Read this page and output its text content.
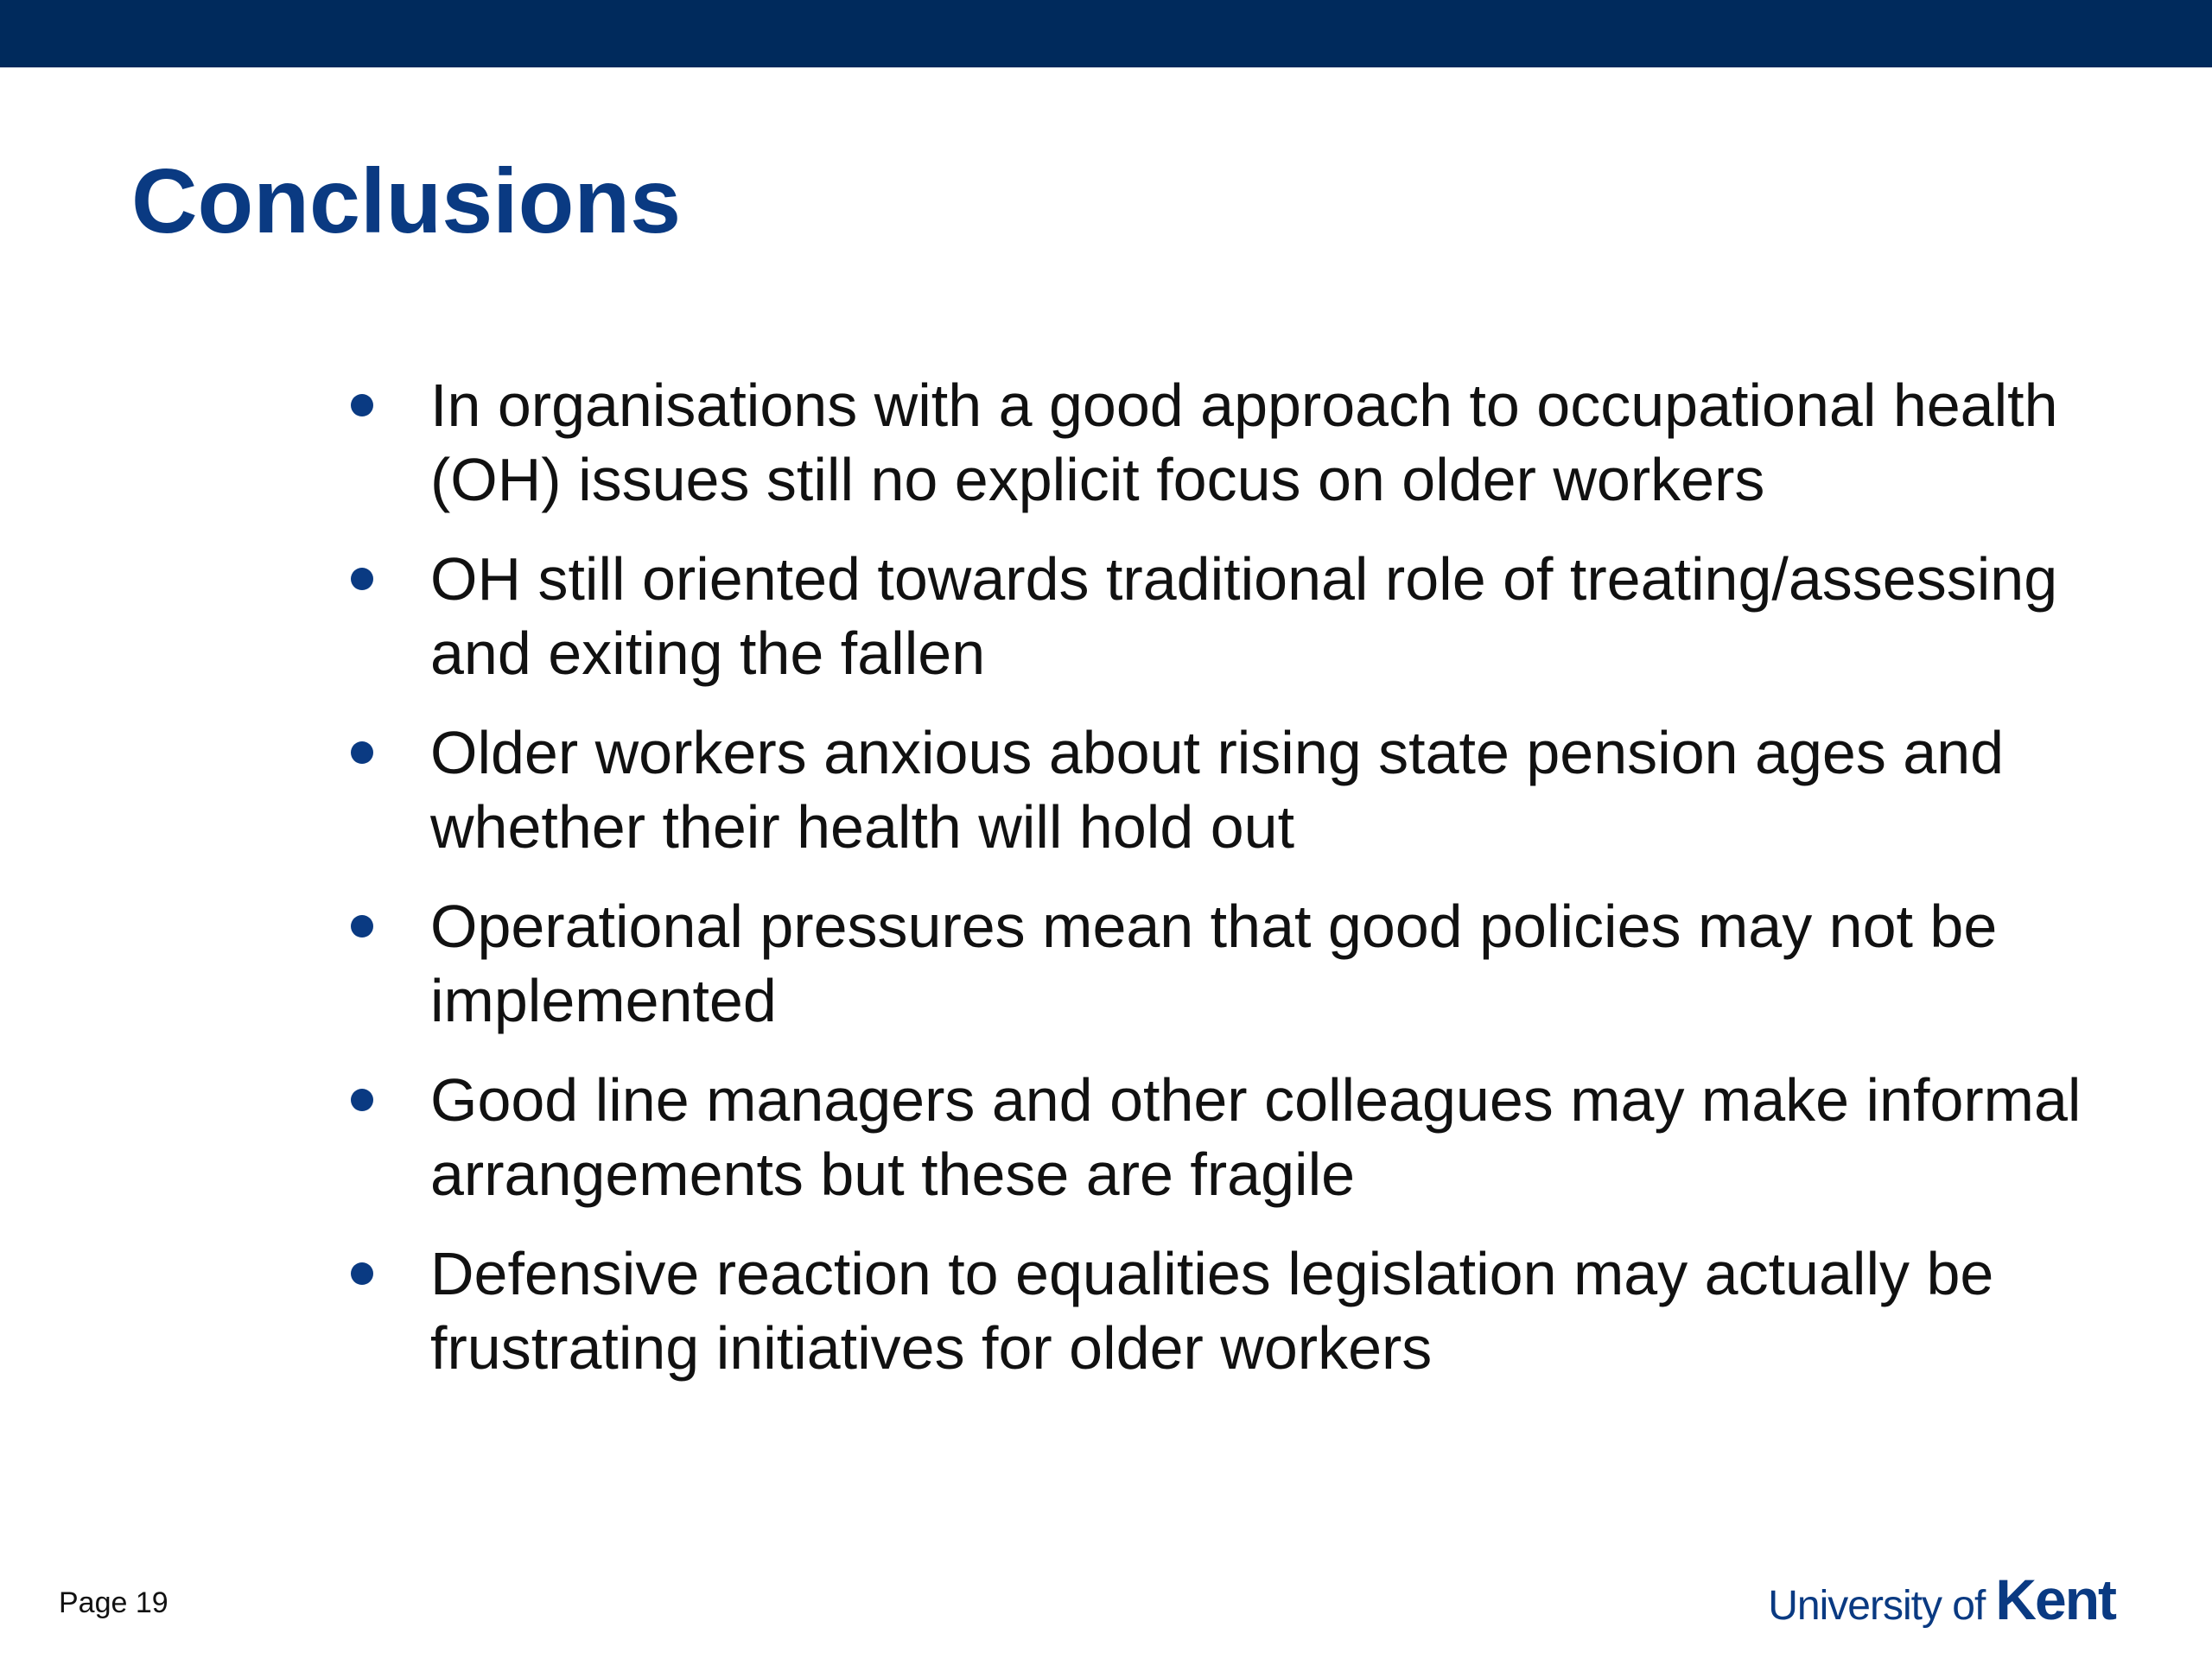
Conclusions
In organisations with a good approach to occupational health (OH) issues still no explicit focus on older workers
OH still oriented towards traditional role of treating/assessing and exiting the fallen
Older workers anxious about rising state pension ages and whether their health will hold out
Operational pressures mean that good policies may not be implemented
Good line managers and other colleagues may make informal arrangements but these are fragile
Defensive reaction to equalities legislation may actually be frustrating initiatives for older workers
Page 19	University of Kent
